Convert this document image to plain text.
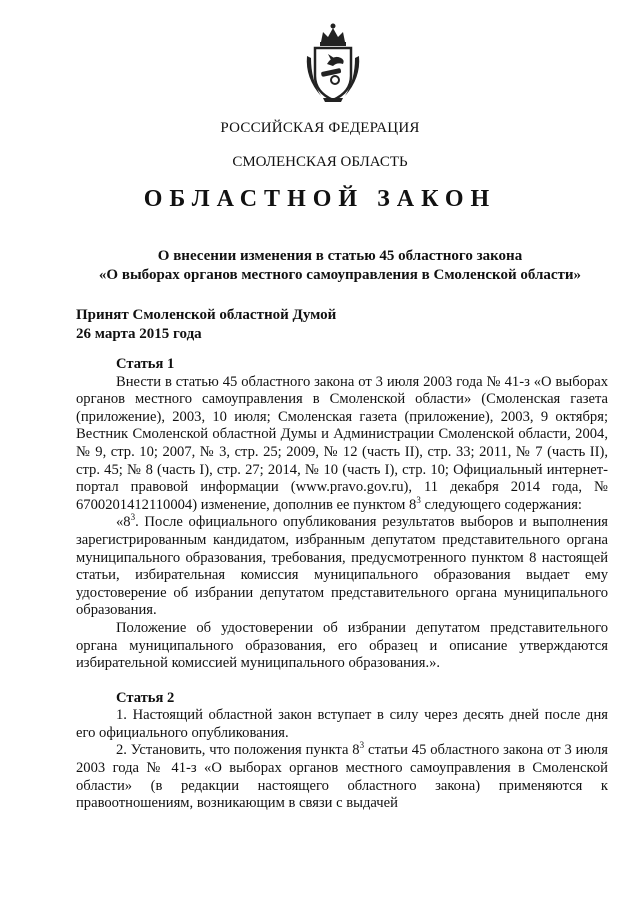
РОССИЙСКАЯ ФЕДЕРАЦИЯ
СМОЛЕНСКАЯ ОБЛАСТЬ
ОБЛАСТНОЙ ЗАКОН
О внесении изменения в статью 45 областного закона
«О выборах органов местного самоуправления в Смоленской области»
Принят Смоленской областной Думой
26 марта 2015 года

Статья 1

Внести в статью 45 областного закона от 3 июля 2003 года № 41-з «О выборах органов местного самоуправления в Смоленской области» (Смоленская газета (приложение), 2003, 10 июля; Смоленская газета (приложение), 2003, 9 октября; Вестник Смоленской областной Думы и Администрации Смоленской области, 2004, № 9, стр. 10; 2007, № 3, стр. 25; 2009, № 12 (часть II), стр. 33; 2011, № 7 (часть II), стр. 45; № 8 (часть I), стр. 27; 2014, № 10 (часть I), стр. 10; Официальный интернет-портал правовой информации (www.pravo.gov.ru), 11 декабря 2014 года, № 6700201412110004) изменение, дополнив ее пунктом $8^3$ следующего содержания:

«$8^3$. После официального опубликования результатов выборов и выполнения зарегистрированным кандидатом, избранным депутатом представительного органа муниципального образования, требования, предусмотренного пунктом 8 настоящей статьи, избирательная комиссия муниципального образования выдает ему удостоверение об избрании депутатом представительного органа муниципального образования.

Положение об удостоверении об избрании депутатом представительного органа муниципального образования, его образец и описание утверждаются избирательной комиссией муниципального образования.».

Статья 2

1. Настоящий областной закон вступает в силу через десять дней после дня его официального опубликования.

2. Установить, что положения пункта $8^3$ статьи 45 областного закона от 3 июля 2003 года № 41-з «О выборах органов местного самоуправления в Смоленской области» (в редакции настоящего областного закона) применяются к правоотношениям, возникающим в связи с выдачей
